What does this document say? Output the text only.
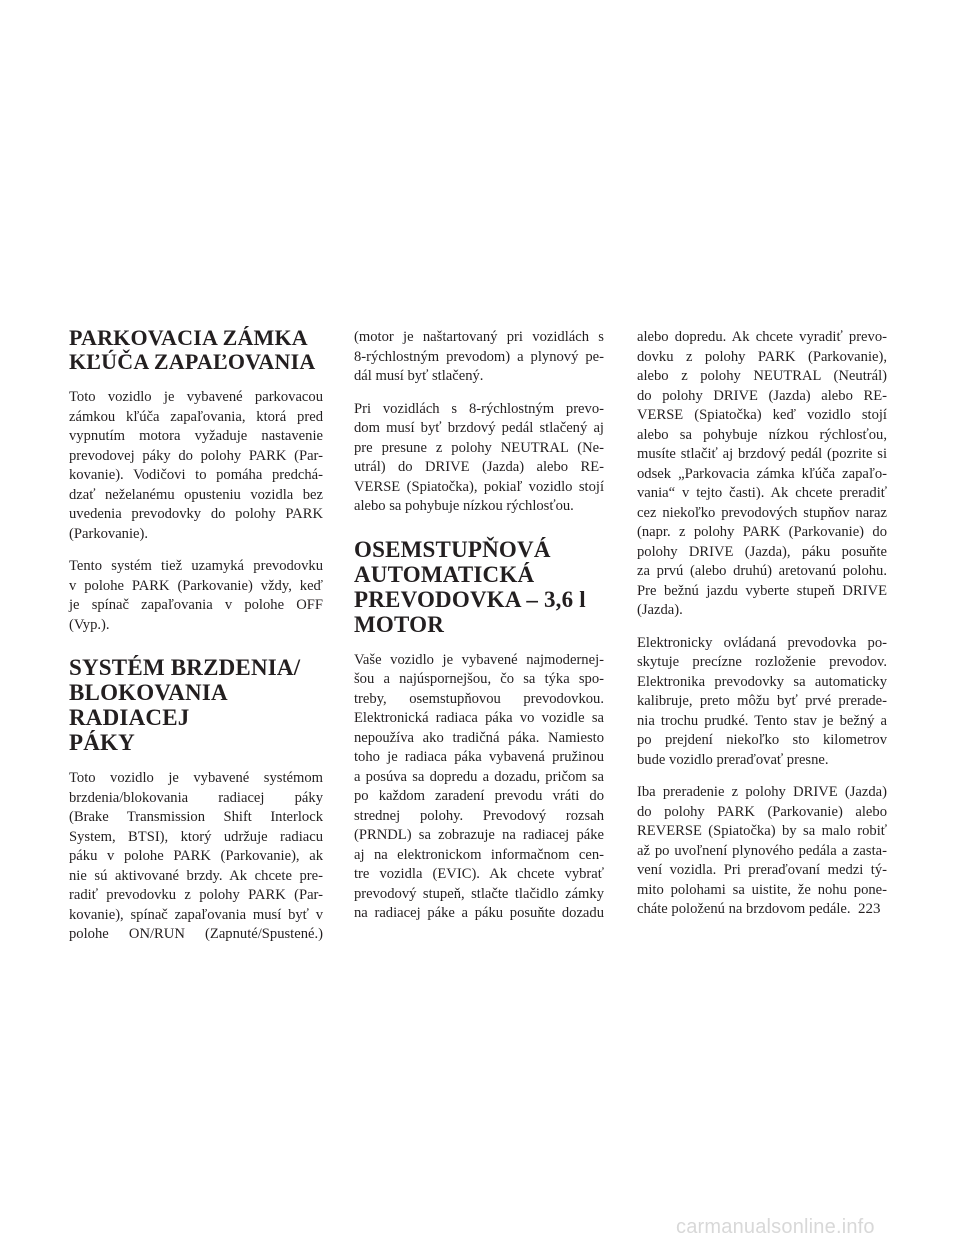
PARKOVACIA ZÁMKA
KĽÚČA ZAPAĽOVANIA
Toto vozidlo je vybavené parkovacou
zámkou kľúča zapaľovania, ktorá pred
vypnutím motora vyžaduje nastavenie
prevodovej páky do polohy PARK (Par-
kovanie). Vodičovi to pomáha predchá-
dzať neželanému opusteniu vozidla bez
uvedenia prevodovky do polohy PARK
(Parkovanie).
Tento systém tiež uzamyká prevodovku
v polohe PARK (Parkovanie) vždy, keď
je spínač zapaľovania v polohe OFF
(Vyp.).
SYSTÉM BRZDENIA/
BLOKOVANIA RADIACEJ
PÁKY
Toto vozidlo je vybavené systémom
brzdenia/blokovania radiacej páky
(Brake Transmission Shift Interlock
System, BTSI), ktorý udržuje radiacu
páku v polohe PARK (Parkovanie), ak
nie sú aktivované brzdy. Ak chcete pre-
radiť prevodovku z polohy PARK (Par-
kovanie), spínač zapaľovania musí byť v
polohe ON/RUN (Zapnuté/Spustené.)
(motor je naštartovaný pri vozidlách s
8-rýchlostným prevodom) a plynový pe-
dál musí byť stlačený.
Pri vozidlách s 8-rýchlostným prevo-
dom musí byť brzdový pedál stlačený aj
pre presune z polohy NEUTRAL (Ne-
utrál) do DRIVE (Jazda) alebo RE-
VERSE (Spiatočka), pokiaľ vozidlo stojí
alebo sa pohybuje nízkou rýchlosťou.
OSEMSTUPŇOVÁ
AUTOMATICKÁ
PREVODOVKA – 3,6 l
MOTOR
Vaše vozidlo je vybavené najmodernej-
šou a najúspornejšou, čo sa týka spo-
treby, osemstupňovou prevodovkou.
Elektronická radiaca páka vo vozidle sa
nepoužíva ako tradičná páka. Namiesto
toho je radiaca páka vybavená pružinou
a posúva sa dopredu a dozadu, pričom sa
po každom zaradení prevodu vráti do
strednej polohy. Prevodový rozsah
(PRNDL) sa zobrazuje na radiacej páke
aj na elektronickom informačnom cen-
tre vozidla (EVIC). Ak chcete vybrať
prevodový stupeň, stlačte tlačidlo zámky
na radiacej páke a páku posuňte dozadu
alebo dopredu. Ak chcete vyradiť prevo-
dovku z polohy PARK (Parkovanie),
alebo z polohy NEUTRAL (Neutrál)
do polohy DRIVE (Jazda) alebo RE-
VERSE (Spiatočka) keď vozidlo stojí
alebo sa pohybuje nízkou rýchlosťou,
musíte stlačiť aj brzdový pedál (pozrite si
odsek „Parkovacia zámka kľúča zapaľo-
vania“ v tejto časti). Ak chcete preradiť
cez niekoľko prevodových stupňov naraz
(napr. z polohy PARK (Parkovanie) do
polohy DRIVE (Jazda), páku posuňte
za prvú (alebo druhú) aretovanú polohu.
Pre bežnú jazdu vyberte stupeň DRIVE
(Jazda).
Elektronicky ovládaná prevodovka po-
skytuje precízne rozloženie prevodov.
Elektronika prevodovky sa automaticky
kalibruje, preto môžu byť prvé prerade-
nia trochu prudké. Tento stav je bežný a
po prejdení niekoľko sto kilometrov
bude vozidlo preraďovať presne.
Iba preradenie z polohy DRIVE (Jazda)
do polohy PARK (Parkovanie) alebo
REVERSE (Spiatočka) by sa malo robiť
až po uvoľnení plynového pedála a zasta-
vení vozidla. Pri preraďovaní medzi tý-
mito polohami sa uistite, že nohu pone-
cháte položenú na brzdovom pedále. 223
carmanualsonline.info
